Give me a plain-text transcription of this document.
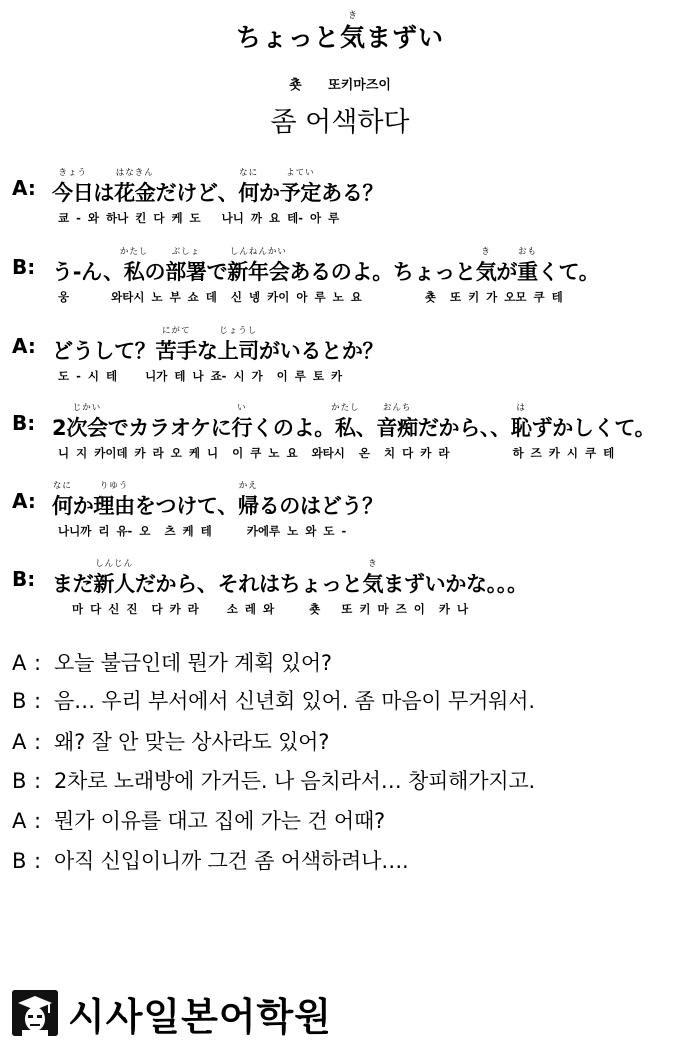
ちょっと
き
気まずい
춋 또키마즈이
좀 어색하다
A:
きょう
今日は
はなきん
花金だけど、
なに
何か
よてい
予定ある？
쿄 - 와 하나 킨 다 케 도   나니 까 요 테- 아 루
B: う-ん、
かたし
私の
ぶしょ
部署で
しんねんかい
新年会あるのよ。ちょっと
き
気が
おも
重くて。
웅      와타시 노 부 쇼 데  신 넹 카이 아 루 노 요         춋  또 키 가 오모 쿠 테
A: どうして？
にがて
苦手な
じょうし
上司がいるとか？
도 - 시 테    니가 테 나 죠- 시 가  이 루 토 카
B: 2
じかい
次会でカラオケに
い
行くのよ。
かたし
私、
おんち
音痴だから、、
は
恥ずかしくて。
니 지 카이데 카 라 오 케 니  이 쿠 노 요  와타시  온  치 다 카 라         하 즈 카 시 쿠 테
A:
なに
何か
りゆう
理由をつけて、
かえ
帰るのはどう？
나니까 리 유- 오  츠 케 테     카에루 노 와 도 -
B: まだ
しんじん
新人だから、それはちょっと
き
気まずいかな。。。
마 다 신 진  다 카 라    소 레 와     춋   또 키 마 즈 이  카 나
A : 오늘 불금인데 뭔가 계획 있어?
B : 음… 우리 부서에서 신년회 있어. 좀 마음이 무거워서.
A : 왜? 잘 안 맞는 상사라도 있어?
B : 2차로 노래방에 가거든. 나 음치라서… 창피해가지고.
A : 뭔가 이유를 대고 집에 가는 건 어때?
B : 아직 신입이니까 그건 좀 어색하려나….
시사일본어학원
